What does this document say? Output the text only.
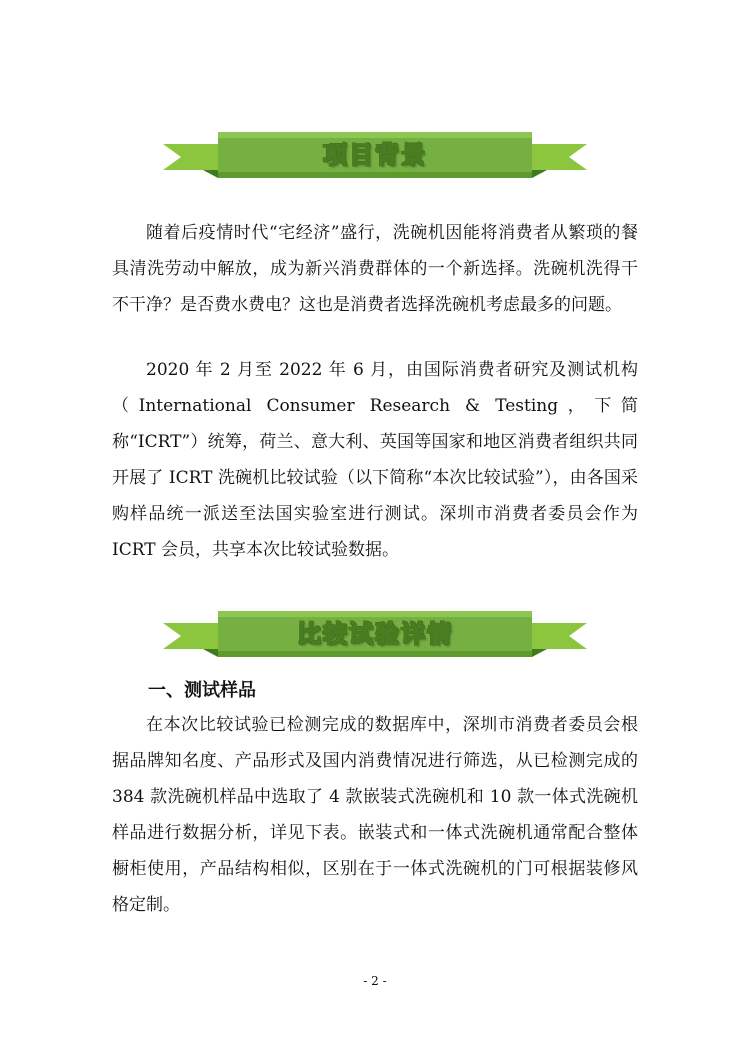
项目背景

随着后疫情时代“宅经济”盛行，洗碗机因能将消费者从繁琐的餐具清洗劳动中解放，成为新兴消费群体的一个新选择。洗碗机洗得干不干净？是否费水费电？这也是消费者选择洗碗机考虑最多的问题。

2020 年 2 月至 2022 年 6 月，由国际消费者研究及测试机构（International Consumer Research & Testing，下简称“ICRT”）统筹，荷兰、意大利、英国等国家和地区消费者组织共同开展了 ICRT 洗碗机比较试验（以下简称“本次比较试验”），由各国采购样品统一派送至法国实验室进行测试。深圳市消费者委员会作为 ICRT 会员，共享本次比较试验数据。

比较试验详情
一、测试样品

在本次比较试验已检测完成的数据库中，深圳市消费者委员会根据品牌知名度、产品形式及国内消费情况进行筛选，从已检测完成的 384 款洗碗机样品中选取了 4 款嵌装式洗碗机和 10 款一体式洗碗机样品进行数据分析，详见下表。嵌装式和一体式洗碗机通常配合整体橱柜使用，产品结构相似，区别在于一体式洗碗机的门可根据装修风格定制。

- 2 -
